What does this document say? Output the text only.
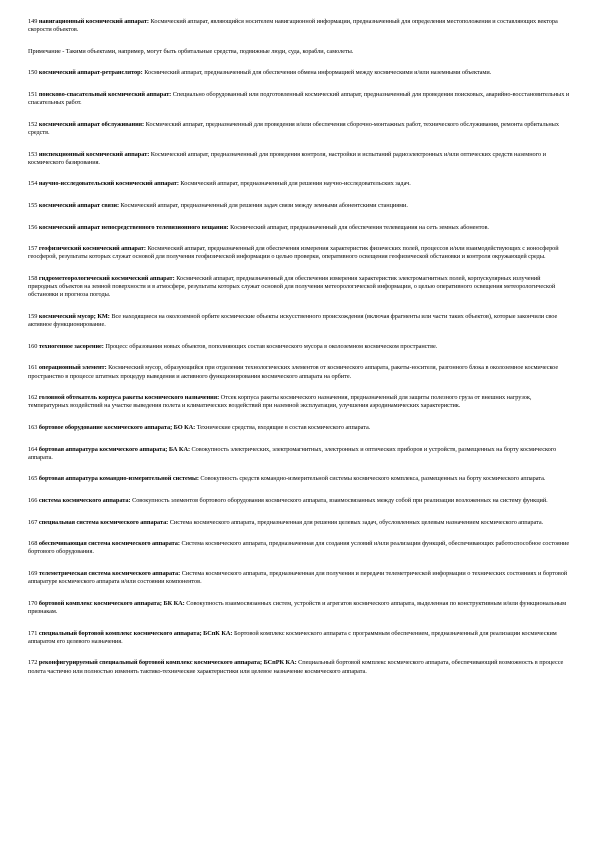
149 навигационный космический аппарат: Космический аппарат, являющийся носителем навигационной информации, предназначенный для определения местоположения и составляющих вектора скорости объектов.

Примечание - Такими объектами, например, могут быть орбитальные средства, подвижные люди, суда, корабли, самолеты.

150 космический аппарат-ретранслятор: Космический аппарат, предназначенный для обеспечения обмена информацией между космическими и/или наземными объектами.

151 поисково-спасательный космический аппарат: Специально оборудованный или подготовленный космический аппарат, предназначенный для проведения поисковых, аварийно-восстановительных и спасательных работ.

152 космический аппарат обслуживания: Космический аппарат, предназначенный для проведения и/или обеспечения сборочно-монтажных работ, технического обслуживания, ремонта орбитальных средств.

153 инспекционный космический аппарат: Космический аппарат, предназначенный для проведения контроля, настройки и испытаний радиоэлектронных и/или оптических средств наземного и космического базирования.

154 научно-исследовательский космический аппарат: Космический аппарат, предназначенный для решения научно-исследовательских задач.

155 космический аппарат связи: Космический аппарат, предназначенный для решения задач связи между земными абонентскими станциями.

156 космический аппарат непосредственного телевизионного вещания: Космический аппарат, предназначенный для обеспечения телевещания на сеть земных абонентов.

157 геофизический космический аппарат: Космический аппарат, предназначенный для обеспечения измерения характеристик физических полей, процессов и/или взаимодействующих с ионосферой геосферой, результаты которых служат основой для получения геофизической информации о целью проверки, оперативного освещения геофизической обстановки и контроля окружающей среды.

158 гидрометеорологический космический аппарат: Космический аппарат, предназначенный для обеспечения измерения характеристик электромагнитных полей, корпускулярных излучений природных объектов на земной поверхности и в атмосфере, результаты которых служат основой для получения метеорологической информации, о целью оперативного освещения метеорологической обстановки и прогноза погоды.

159 космический мусор; КМ: Все находящиеся на околоземной орбите космические объекты искусственного происхождения (включая фрагменты или части таких объектов), которые закончили свое активное функционирование.

160 техногенное засорение: Процесс образования новых объектов, пополняющих состав космического мусора в околоземном космическом пространстве.

161 операционный элемент: Космический мусор, образующийся при отделении технологических элементов от космического аппарата, ракеты-носителя, разгонного блока в околоземное космическое пространство в процессе штатных процедур выведения и активного функционирования космического аппарата на орбите.

162 головной обтекатель корпуса ракеты космического назначения: Отсек корпуса ракеты космического назначения, предназначенный для защиты полезного груза от внешних нагрузок, температурных воздействий на участке выведения полета и климатических воздействий при наземной эксплуатации, улучшения аэродинамических характеристик.

163 бортовое оборудование космического аппарата; БО КА: Технические средства, входящие в состав космического аппарата.

164 бортовая аппаратура космического аппарата; БА КА: Совокупность электрических, электромагнитных, электронных и оптических приборов и устройств, размещенных на борту космического аппарата.

165 бортовая аппаратура командно-измерительной системы: Совокупность средств командно-измерительной системы космического комплекса, размещенных на борту космического аппарата.

166 система космического аппарата: Совокупность элементов бортового оборудования космического аппарата, взаимосвязанных между собой при реализации возложенных на систему функций.

167 специальная система космического аппарата: Система космического аппарата, предназначенная для решения целевых задач, обусловленных целевым назначением космического аппарата.

168 обеспечивающая система космического аппарата: Система космического аппарата, предназначенная для создания условий и/или реализации функций, обеспечивающих работоспособное состояние бортового оборудования.

169 телеметрическая система космического аппарата: Система космического аппарата, предназначенная для получения и передачи телеметрической информации о технических состояниях и бортовой аппаратуре космического аппарата и/или состоянии компонентов.

170 бортовой комплекс космического аппарата; БК КА: Совокупность взаимосвязанных систем, устройств и агрегатов космического аппарата, выделенная по конструктивным и/или функциональным признакам.

171 специальный бортовой комплекс космического аппарата; БСпК КА: Бортовой комплекс космического аппарата с программным обеспечением, предназначенный для реализации космическим аппаратом его целевого назначения.

172 реконфигурируемый специальный бортовой комплекс космического аппарата; БСпРК КА: Специальный бортовой комплекс космического аппарата, обеспечивающий возможность в процессе полета частично или полностью изменять тактико-технические характеристики или целевое назначение космического аппарата.
